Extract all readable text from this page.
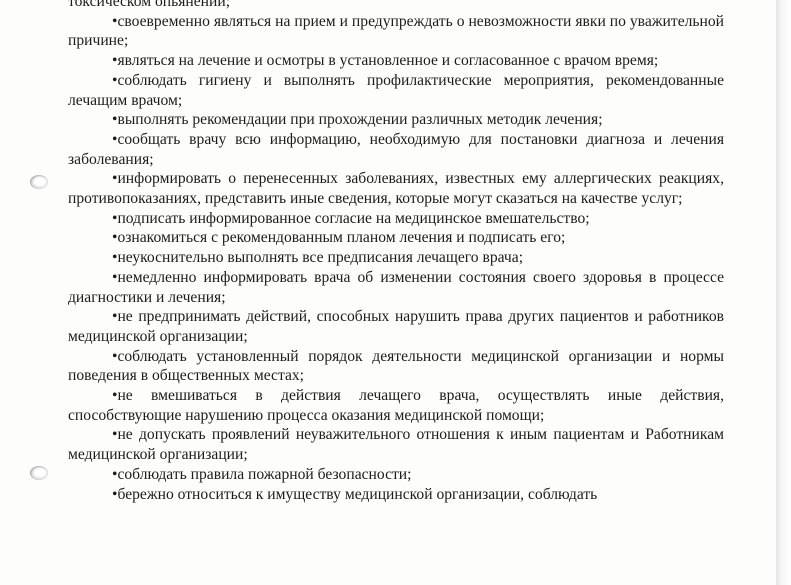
токсическом опьянении;

•своевременно являться на прием и предупреждать о невозможности явки по уважительной причине;

•являться на лечение и осмотры в установленное и согласованное с врачом время;

•соблюдать гигиену и выполнять профилактические мероприятия, рекомендованные лечащим врачом;

•выполнять рекомендации при прохождении различных методик лечения;

•сообщать врачу всю информацию, необходимую для постановки диагноза и лечения заболевания;

•информировать о перенесенных заболеваниях, известных ему аллергических реакциях, противопоказаниях, представить иные сведения, которые могут сказаться на качестве услуг;

•подписать информированное согласие на медицинское вмешательство;

•ознакомиться с рекомендованным планом лечения и подписать его;

•неукоснительно выполнять все предписания лечащего врача;

•немедленно информировать врача об изменении состояния своего здоровья в процессе диагностики и лечения;

•не предпринимать действий, способных нарушить права других пациентов и работников медицинской организации;

•соблюдать установленный порядок деятельности медицинской организации и нормы поведения в общественных местах;

•не вмешиваться в действия лечащего врача, осуществлять иные действия, способствующие нарушению процесса оказания медицинской помощи;

•не допускать проявлений неуважительного отношения к иным пациентам и Работникам медицинской организации;

•соблюдать правила пожарной безопасности;

•бережно относиться к имуществу медицинской организации, соблюдать
